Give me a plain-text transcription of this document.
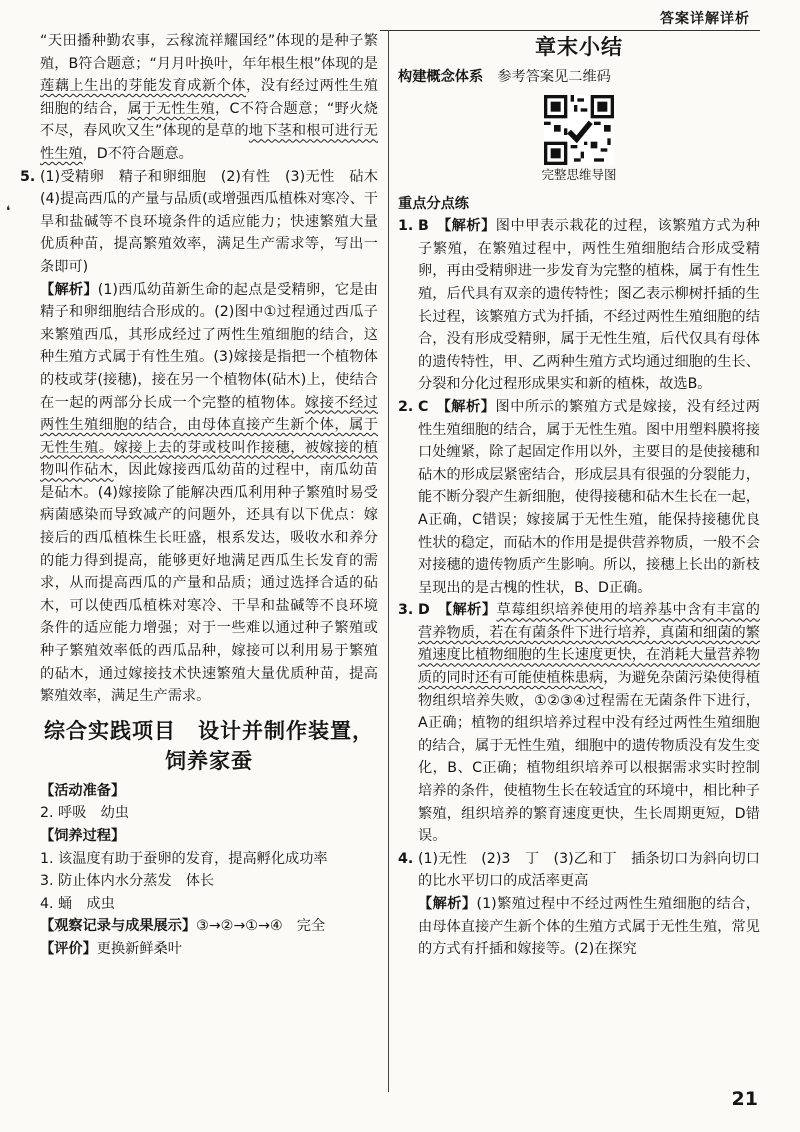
答案详解详析
❛

“天田播种勤农事，云稼流祥耀国经”体现的是种子繁殖，B符合题意；“月月叶换叶，年年根生根”体现的是莲藕上生出的芽能发育成新个体，没有经过两性生殖细胞的结合，属于无性生殖，C不符合题意；“野火烧不尽，春风吹又生”体现的是草的地下茎和根可进行无性生殖，D不符合题意。

5. (1)受精卵　精子和卵细胞　(2)有性　(3)无性　砧木　(4)提高西瓜的产量与品质(或增强西瓜植株对寒冷、干旱和盐碱等不良环境条件的适应能力；快速繁殖大量优质种苗，提高繁殖效率，满足生产需求等，写出一条即可)

【解析】(1)西瓜幼苗新生命的起点是受精卵，它是由精子和卵细胞结合形成的。(2)图中①过程通过西瓜子来繁殖西瓜，其形成经过了两性生殖细胞的结合，这种生殖方式属于有性生殖。(3)嫁接是指把一个植物体的枝或芽(接穗)，接在另一个植物体(砧木)上，使结合在一起的两部分长成一个完整的植物体。嫁接不经过两性生殖细胞的结合，由母体直接产生新个体，属于无性生殖。嫁接上去的芽或枝叫作接穗，被嫁接的植物叫作砧木，因此嫁接西瓜幼苗的过程中，南瓜幼苗是砧木。(4)嫁接除了能解决西瓜利用种子繁殖时易受病菌感染而导致减产的问题外，还具有以下优点：嫁接后的西瓜植株生长旺盛，根系发达，吸收水和养分的能力得到提高，能够更好地满足西瓜生长发育的需求，从而提高西瓜的产量和品质；通过选择合适的砧木，可以使西瓜植株对寒冷、干旱和盐碱等不良环境条件的适应能力增强；对于一些难以通过种子繁殖或种子繁殖效率低的西瓜品种，嫁接可以利用易于繁殖的砧木，通过嫁接技术快速繁殖大量优质种苗，提高繁殖效率，满足生产需求。

综合实践项目　设计并制作装置，
饲养家蚕

【活动准备】

2. 呼吸　幼虫

【饲养过程】

1. 该温度有助于蚕卵的发育，提高孵化成功率

3. 防止体内水分蒸发　体长

4. 蛹　成虫

【观察记录与成果展示】③→②→①→④　完全

【评价】更换新鲜桑叶

章末小结

构建概念体系　 参考答案见二维码

完整思维导图

重点分点练

1. B　 【解析】图中甲表示栽花的过程，该繁殖方式为种子繁殖，在繁殖过程中，两性生殖细胞结合形成受精卵，再由受精卵进一步发育为完整的植株，属于有性生殖，后代具有双亲的遗传特性；图乙表示柳树扦插的生长过程，该繁殖方式为扦插，不经过两性生殖细胞的结合，没有形成受精卵，属于无性生殖，后代仅具有母体的遗传特性，甲、乙两种生殖方式均通过细胞的生长、分裂和分化过程形成果实和新的植株，故选B。

2. C　 【解析】图中所示的繁殖方式是嫁接，没有经过两性生殖细胞的结合，属于无性生殖。图中用塑料膜将接口处缠紧，除了起固定作用以外，主要目的是使接穗和砧木的形成层紧密结合，形成层具有很强的分裂能力，能不断分裂产生新细胞，使得接穗和砧木生长在一起，A正确，C错误；嫁接属于无性生殖，能保持接穗优良性状的稳定，而砧木的作用是提供营养物质，一般不会对接穗的遗传物质产生影响。所以，接穗上长出的新枝呈现出的是古槐的性状，B、D正确。

3. D　 【解析】草莓组织培养使用的培养基中含有丰富的营养物质，若在有菌条件下进行培养，真菌和细菌的繁殖速度比植物细胞的生长速度更快，在消耗大量营养物质的同时还有可能使植株患病，为避免杂菌污染使得植物组织培养失败，①②③④过程需在无菌条件下进行，A正确；植物的组织培养过程中没有经过两性生殖细胞的结合，属于无性生殖，细胞中的遗传物质没有发生变化，B、C正确；植物组织培养可以根据需求实时控制培养的条件，使植物生长在较适宜的环境中，相比种子繁殖，组织培养的繁育速度更快，生长周期更短，D错误。

4. (1)无性　(2)3　丁　(3)乙和丁　插条切口为斜向切口的比水平切口的成活率更高

【解析】(1)繁殖过程中不经过两性生殖细胞的结合，由母体直接产生新个体的生殖方式属于无性生殖，常见的方式有扦插和嫁接等。(2)在探究

21
